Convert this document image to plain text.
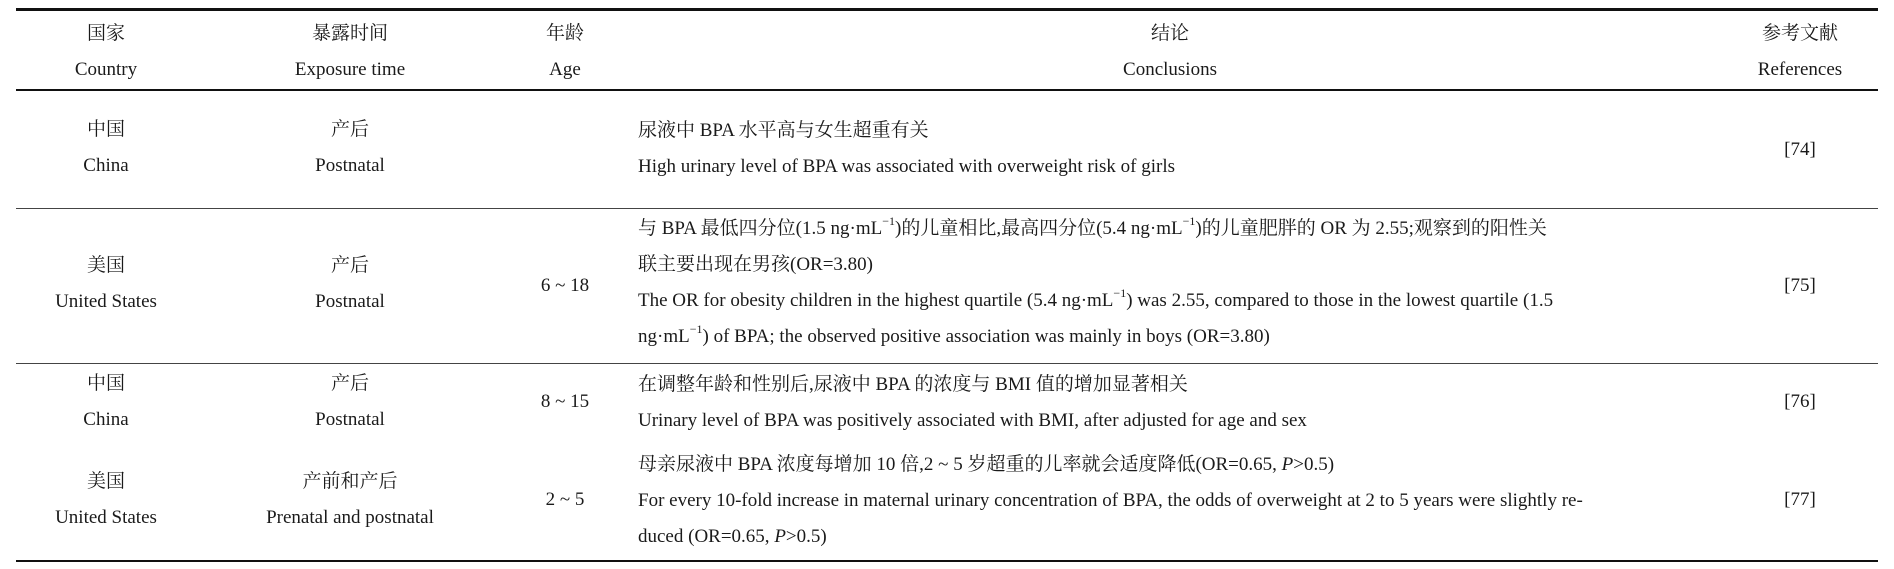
国家
Country
暴露时间
Exposure time
年龄
Age
结论
Conclusions
参考文献
References
中国
China
产后
Postnatal
尿液中 BPA 水平高与女生超重有关
High urinary level of BPA was associated with overweight risk of girls
[74]
美国
United States
产后
Postnatal
6 ~ 18
与 BPA 最低四分位(1.5 $ng\cdot mL^{-1}$)的儿童相比,最高四分位(5.4 $ng\cdot mL^{-1}$)的儿童肥胖的 OR 为 2.55;观察到的阳性关
联主要出现在男孩(OR=3.80)
The OR for obesity children in the highest quartile (5.4 $ng\cdot mL^{-1}$) was 2.55, compared to those in the lowest quartile (1.5
$ng\cdot mL^{-1}$) of BPA; the observed positive association was mainly in boys (OR=3.80)
[75]
中国
China
产后
Postnatal
8 ~ 15
在调整年龄和性别后,尿液中 BPA 的浓度与 BMI 值的增加显著相关
Urinary level of BPA was positively associated with BMI, after adjusted for age and sex
[76]
美国
United States
产前和产后
Prenatal and postnatal
2 ~ 5
母亲尿液中 BPA 浓度每增加 10 倍,2 ~ 5 岁超重的儿率就会适度降低(OR=0.65, P>0.5)
For every 10-fold increase in maternal urinary concentration of BPA, the odds of overweight at 2 to 5 years were slightly re-
duced (OR=0.65, P>0.5)
[77]
